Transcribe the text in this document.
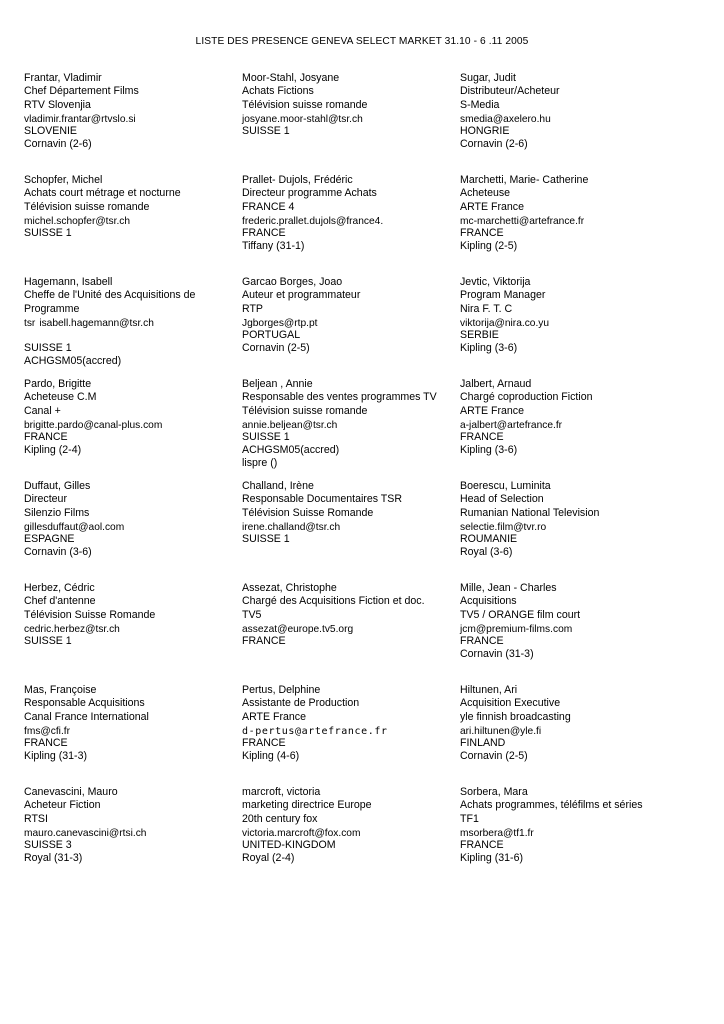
LISTE DES PRESENCE GENEVA SELECT MARKET 31.10 - 6 .11 2005
Frantar, Vladimir
Chef Département Films
RTV Slovenjia
vladimir.frantar@rtvslo.si
SLOVENIE
Cornavin (2-6)
Moor-Stahl, Josyane
Achats Fictions
Télévision suisse romande
josyane.moor-stahl@tsr.ch
SUISSE 1
Sugar, Judit
Distributeur/Acheteur
S-Media
smedia@axelero.hu
HONGRIE
Cornavin (2-6)
Schopfer, Michel
Achats court métrage et nocturne
Télévision suisse romande
michel.schopfer@tsr.ch
SUISSE 1
Prallet- Dujols, Frédéric
Directeur programme Achats
FRANCE 4
frederic.prallet.dujols@france4.
FRANCE
Tiffany (31-1)
Marchetti, Marie- Catherine
Acheteuse
ARTE France
mc-marchetti@artefrance.fr
FRANCE
Kipling (2-5)
Hagemann, Isabell
Cheffe de l'Unité des Acquisitions de
Programme
tsr isabell.hagemann@tsr.ch
SUISSE 1
ACHGSM05(accred)
Garcao Borges, Joao
Auteur et programmateur
RTP
Jgborges@rtp.pt
PORTUGAL
Cornavin (2-5)
Jevtic, Viktorija
Program Manager
Nira F. T. C
viktorija@nira.co.yu
SERBIE
Kipling (3-6)
Pardo, Brigitte
Acheteuse C.M
Canal +
brigitte.pardo@canal-plus.com
FRANCE
Kipling (2-4)
Beljean , Annie
Responsable des ventes programmes TV
Télévision suisse romande
annie.beljean@tsr.ch
SUISSE 1
ACHGSM05(accred)
lispre ()
Jalbert, Arnaud
Chargé coproduction Fiction
ARTE France
a-jalbert@artefrance.fr
FRANCE
Kipling (3-6)
Duffaut, Gilles
Directeur
Silenzio Films
gillesduffaut@aol.com
ESPAGNE
Cornavin (3-6)
Challand, Irène
Responsable Documentaires TSR
Télévision Suisse Romande
irene.challand@tsr.ch
SUISSE 1
Boerescu, Luminita
Head of Selection
Rumanian National Television
selectie.film@tvr.ro
ROUMANIE
Royal (3-6)
Herbez, Cédric
Chef d'antenne
Télévision Suisse Romande
cedric.herbez@tsr.ch
SUISSE 1
Assezat, Christophe
Chargé des Acquisitions Fiction et doc.
TV5
assezat@europe.tv5.org
FRANCE
Mille, Jean - Charles
Acquisitions
TV5 / ORANGE film court
jcm@premium-films.com
FRANCE
Cornavin (31-3)
Mas, Françoise
Responsable Acquisitions
Canal France International
fms@cfi.fr
FRANCE
Kipling (31-3)
Pertus, Delphine
Assistante de Production
ARTE France
d-pertus@artefrance.fr
FRANCE
Kipling (4-6)
Hiltunen, Ari
Acquisition Executive
yle finnish broadcasting
ari.hiltunen@yle.fi
FINLAND
Cornavin (2-5)
Canevascini, Mauro
Acheteur Fiction
RTSI
mauro.canevascini@rtsi.ch
SUISSE 3
Royal (31-3)
marcroft, victoria
marketing directrice Europe
20th century fox
victoria.marcroft@fox.com
UNITED-KINGDOM
Royal (2-4)
Sorbera, Mara
Achats programmes, téléfilms et séries
TF1
msorbera@tf1.fr
FRANCE
Kipling (31-6)
